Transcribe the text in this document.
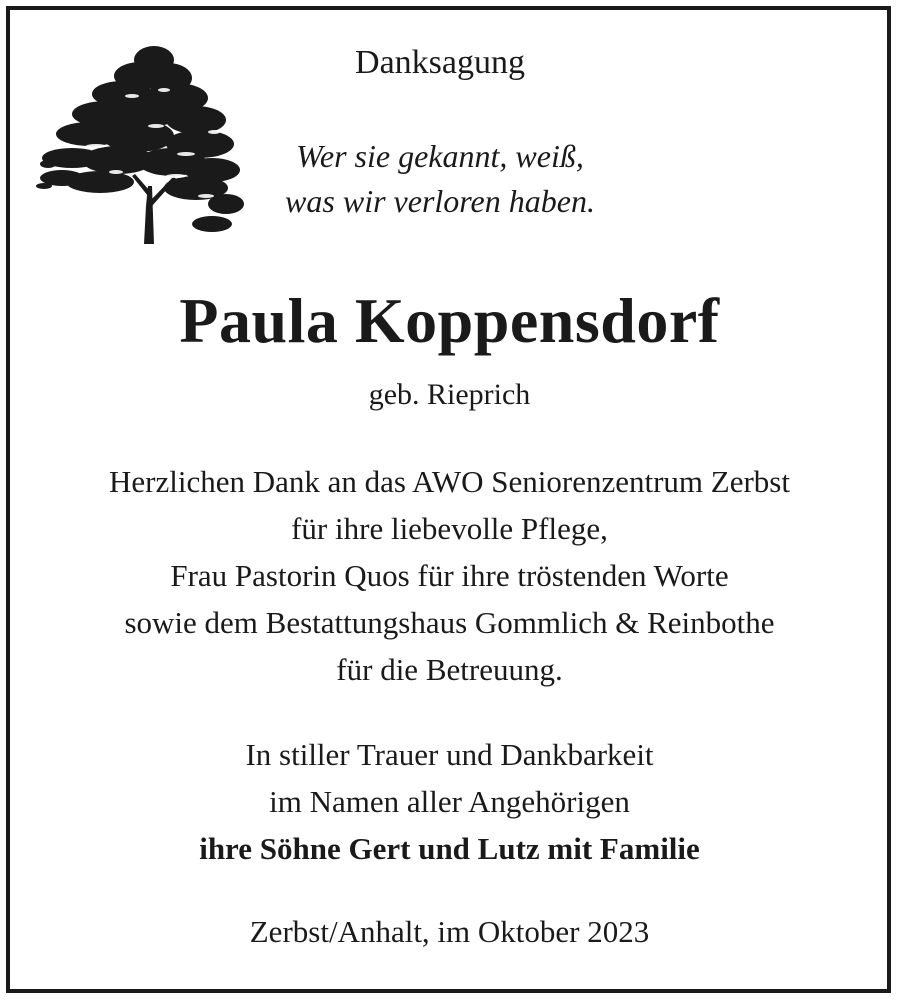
Danksagung
Wer sie gekannt, weiß,
was wir verloren haben.
Paula Koppensdorf
geb. Rieprich
Herzlichen Dank an das AWO Seniorenzentrum Zerbst
für ihre liebevolle Pflege,
Frau Pastorin Quos für ihre tröstenden Worte
sowie dem Bestattungshaus Gommlich & Reinbothe
für die Betreuung.
In stiller Trauer und Dankbarkeit
im Namen aller Angehörigen
ihre Söhne Gert und Lutz mit Familie
Zerbst/Anhalt, im Oktober 2023
